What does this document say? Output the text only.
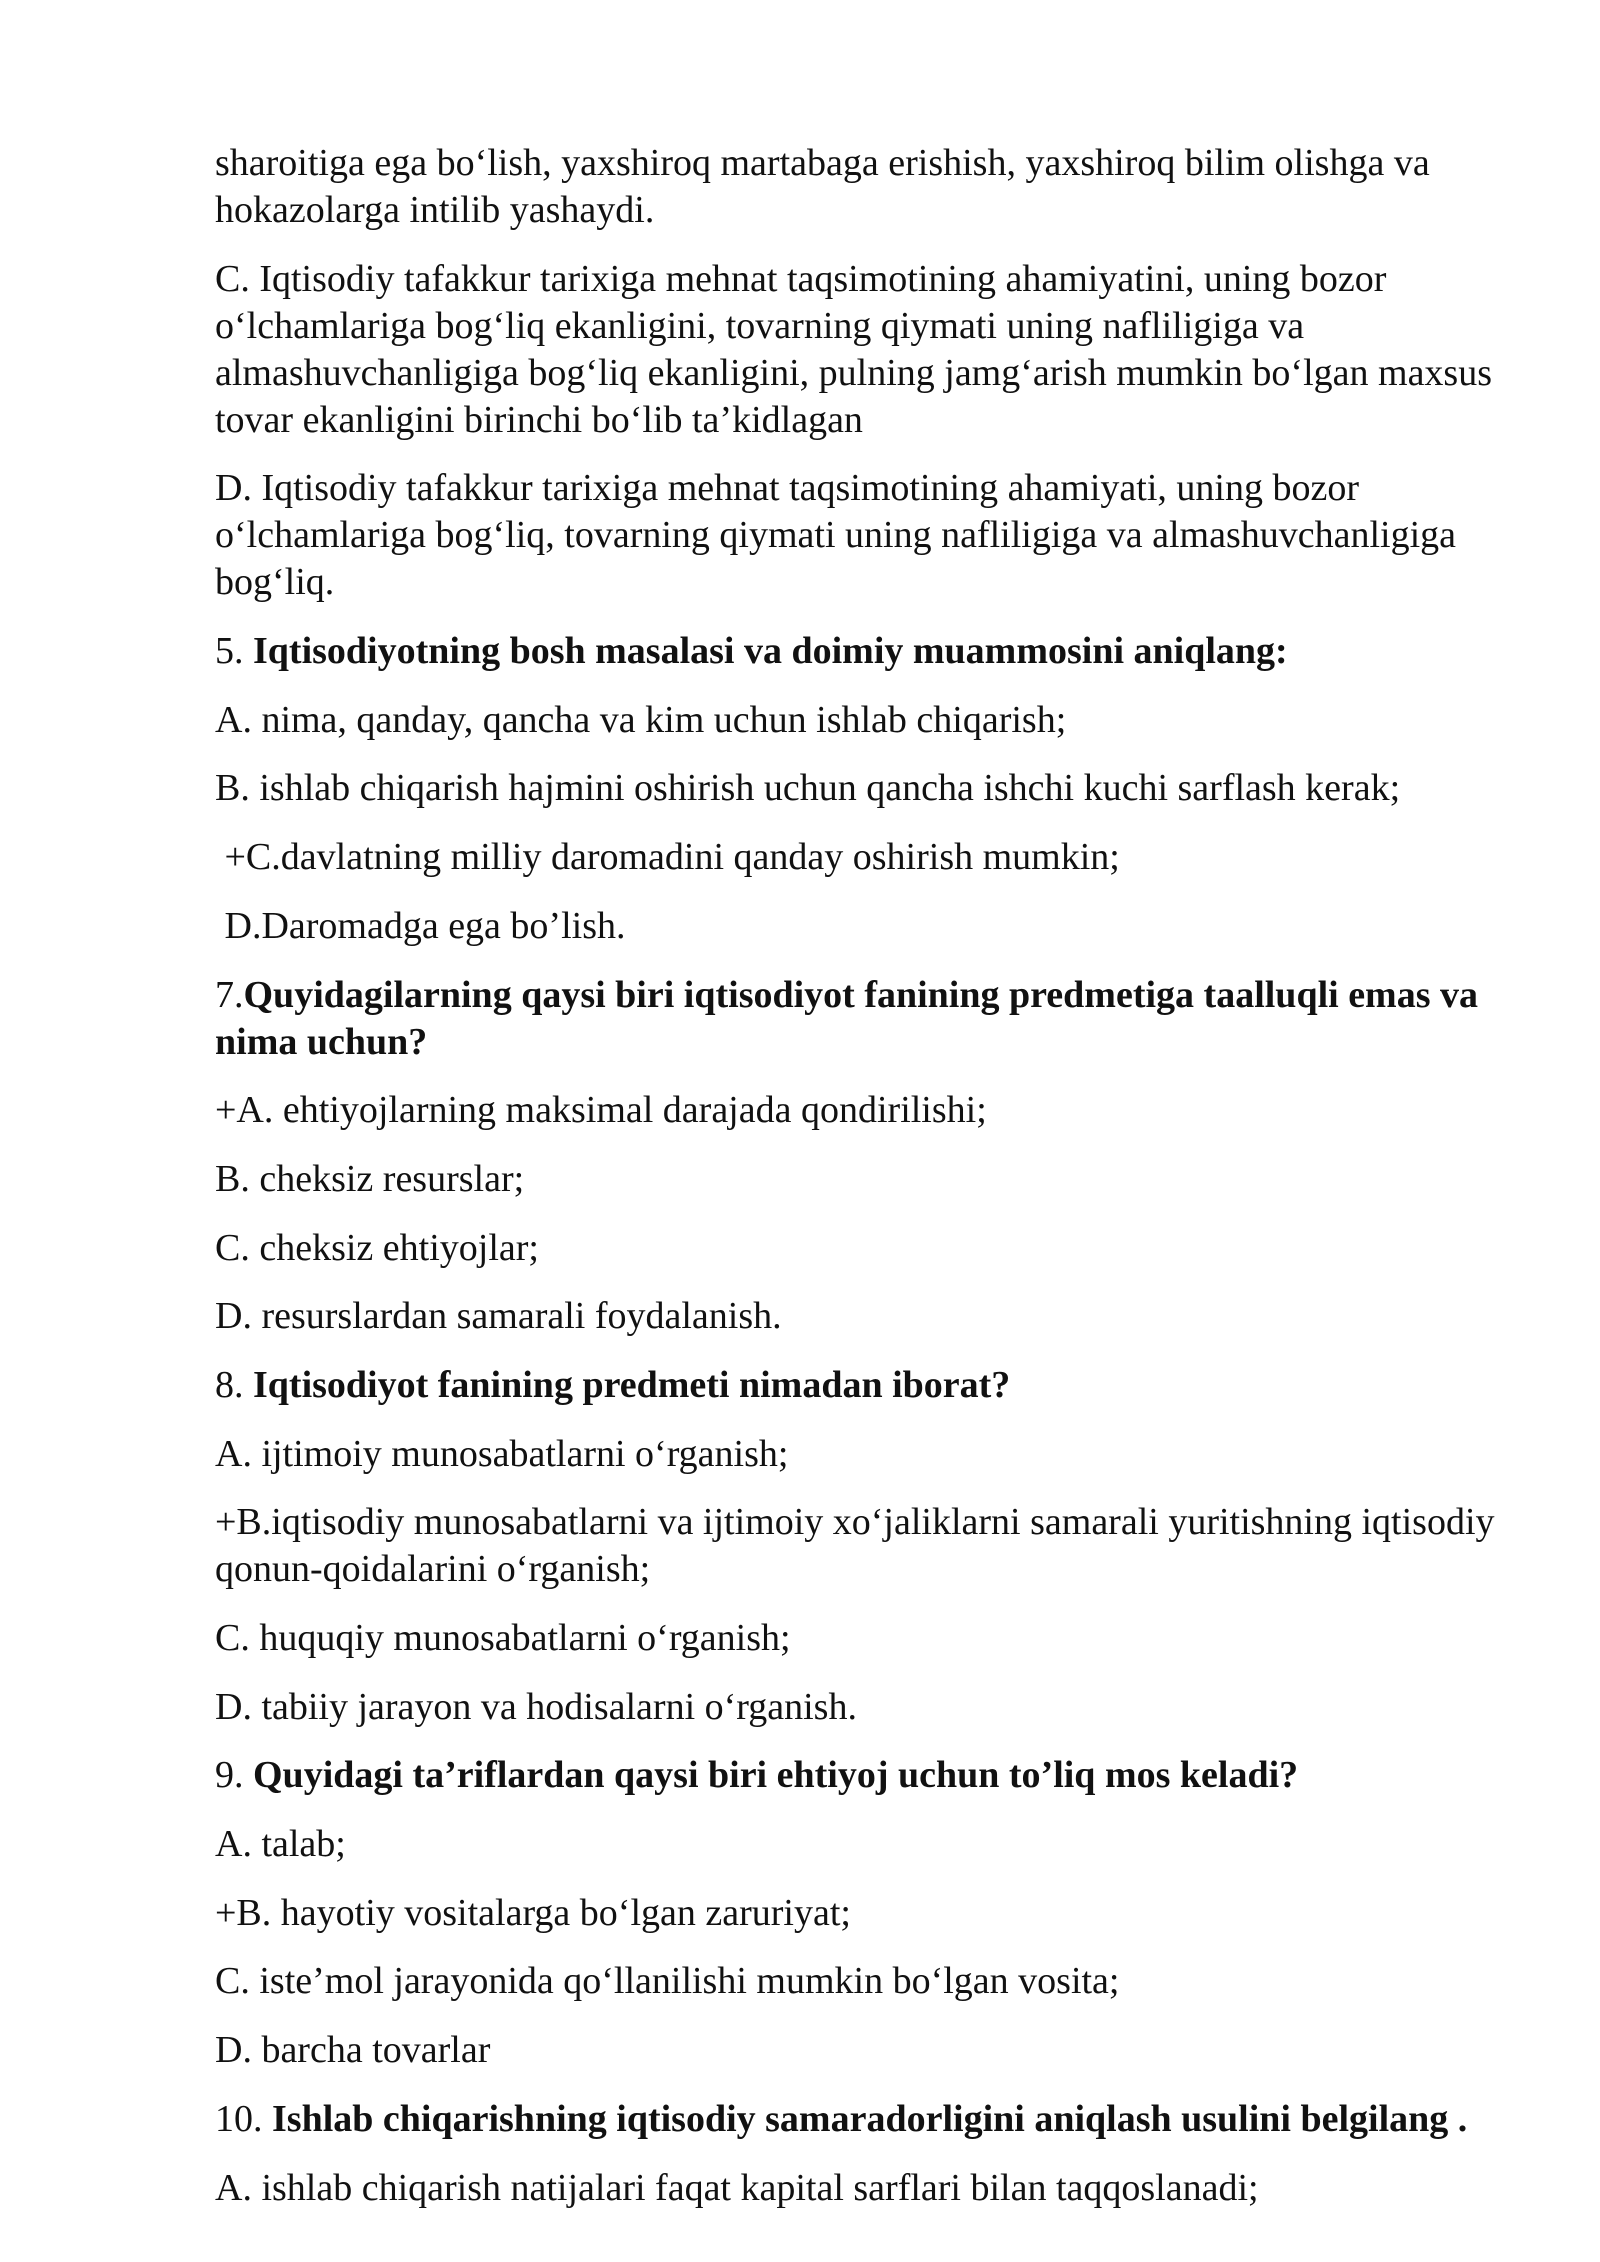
sharoitiga ega bo‘lish, yaxshiroq martabaga erishish, yaxshiroq bilim olishga va
hokazolarga intilib yashaydi.
C. Iqtisodiy tafakkur tarixiga mehnat taqsimotining ahamiyatini, uning bozor
o‘lchamlariga bog‘liq ekanligini, tovarning qiymati uning nafliligiga va
almashuvchanligiga bog‘liq ekanligini, pulning jamg‘arish mumkin bo‘lgan maxsus
tovar ekanligini birinchi bo‘lib ta’kidlagan
D. Iqtisodiy tafakkur tarixiga mehnat taqsimotining ahamiyati, uning bozor
o‘lchamlariga bog‘liq, tovarning qiymati uning nafliligiga va almashuvchanligiga
bog‘liq.
5. Iqtisodiyotning bosh masalasi va doimiy muammosini aniqlang:
A. nima, qanday, qancha va kim uchun ishlab chiqarish;
B. ishlab chiqarish hajmini oshirish uchun qancha ishchi kuchi sarflash kerak;
+C.davlatning milliy daromadini qanday oshirish mumkin;
D.Daromadga ega bo’lish.
7.Quyidagilarning qaysi biri iqtisodiyot fanining predmetiga taalluqli emas va
nima uchun?
+A. ehtiyojlarning maksimal darajada qondirilishi;
B. cheksiz resurslar;
C. cheksiz ehtiyojlar;
D. resurslardan samarali foydalanish.
8. Iqtisodiyot fanining predmeti nimadan iborat?
A. ijtimoiy munosabatlarni o‘rganish;
+B.iqtisodiy munosabatlarni va ijtimoiy xo‘jaliklarni samarali yuritishning iqtisodiy
qonun-qoidalarini o‘rganish;
C. huquqiy munosabatlarni o‘rganish;
D. tabiiy jarayon va hodisalarni o‘rganish.
9. Quyidagi ta’riflardan qaysi biri ehtiyoj uchun to’liq mos keladi?
A. talab;
+B. hayotiy vositalarga bo‘lgan zaruriyat;
C. iste’mol jarayonida qo‘llanilishi mumkin bo‘lgan vosita;
D. barcha tovarlar
10. Ishlab chiqarishning iqtisodiy samaradorligini aniqlash usulini belgilang .
A. ishlab chiqarish natijalari faqat kapital sarflari bilan taqqoslanadi;
